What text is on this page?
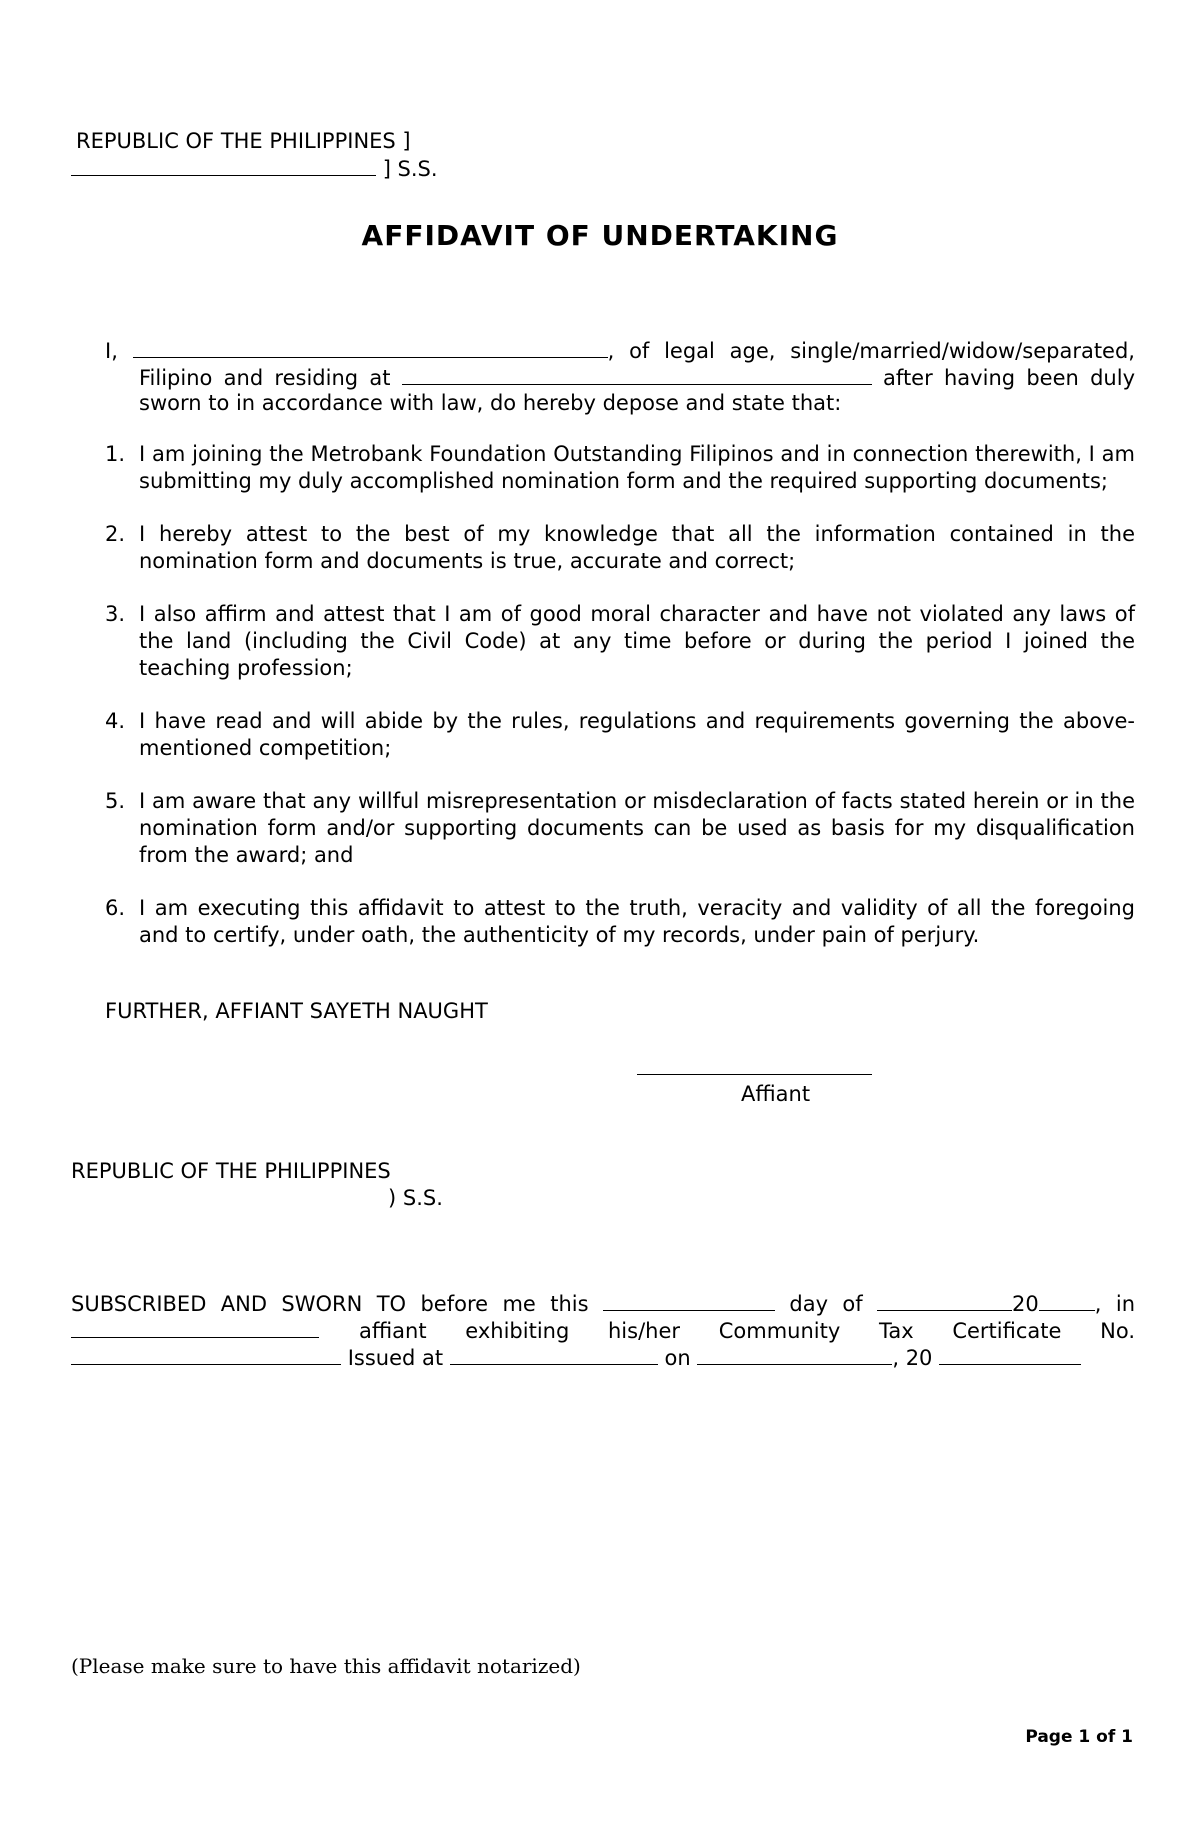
REPUBLIC OF THE PHILIPPINES ]
] S.S.
AFFIDAVIT OF UNDERTAKING
I,	, of legal age, single/married/widow/separated,
Filipino and residing at	after having been duly
sworn to in accordance with law, do hereby depose and state that:
1. I am joining the Metrobank Foundation Outstanding Filipinos and in connection therewith, I am submitting my duly accomplished nomination form and the required supporting documents;
2. I hereby attest to the best of my knowledge that all the information contained in the nomination form and documents is true, accurate and correct;
3. I also affirm and attest that I am of good moral character and have not violated any laws of the land (including the Civil Code) at any time before or during the period I joined the teaching profession;
4. I have read and will abide by the rules, regulations and requirements governing the above-mentioned competition;
5. I am aware that any willful misrepresentation or misdeclaration of facts stated herein or in the nomination form and/or supporting documents can be used as basis for my disqualification from the award; and
6. I am executing this affidavit to attest to the truth, veracity and validity of all the foregoing and to certify, under oath, the authenticity of my records, under pain of perjury.
FURTHER, AFFIANT SAYETH NAUGHT
Affiant
REPUBLIC OF THE PHILIPPINES
) S.S.
SUBSCRIBED AND SWORN TO before me this	day of	20	, in
affiant exhibiting his/her Community Tax Certificate No.
Issued at	on	, 20
(Please make sure to have this affidavit notarized)
Page 1 of 1
